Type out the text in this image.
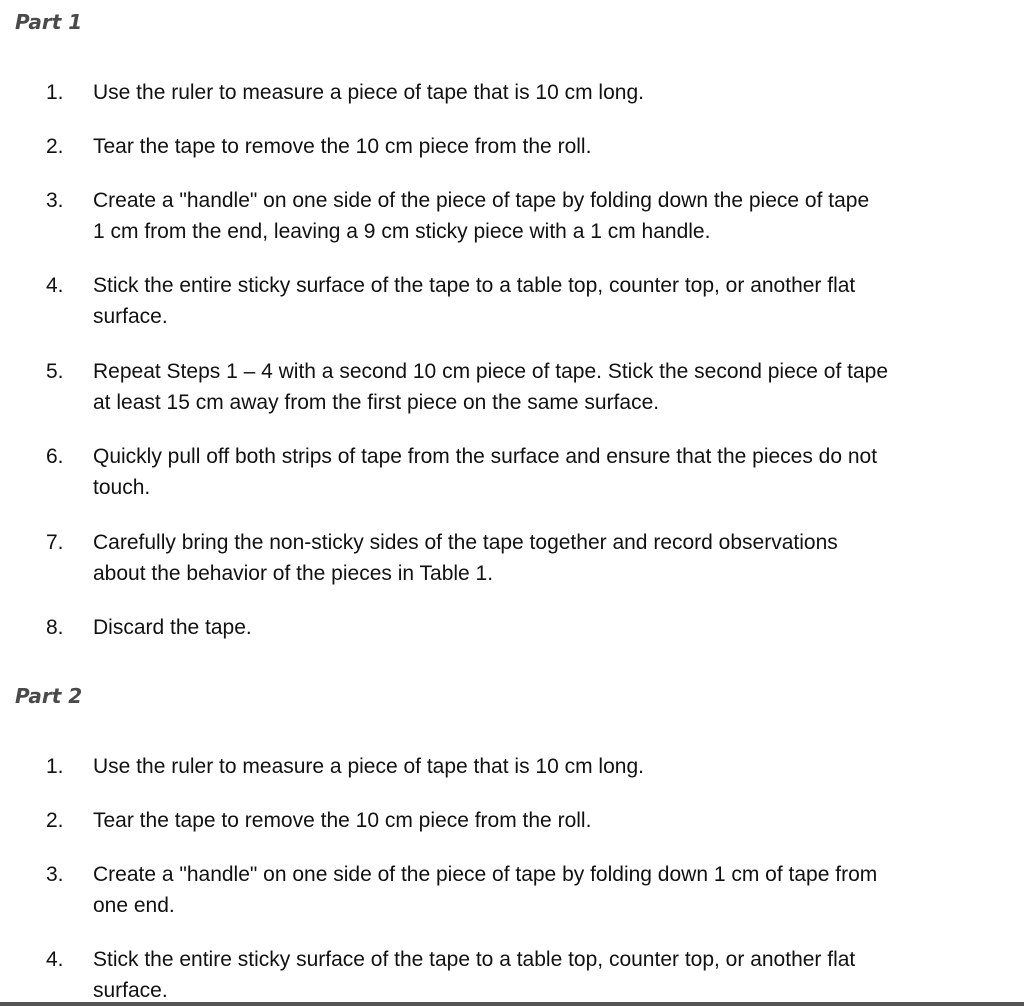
Part 1
1. Use the ruler to measure a piece of tape that is 10 cm long.
2. Tear the tape to remove the 10 cm piece from the roll.
3. Create a "handle" on one side of the piece of tape by folding down the piece of tape
1 cm from the end, leaving a 9 cm sticky piece with a 1 cm handle.
4. Stick the entire sticky surface of the tape to a table top, counter top, or another flat
surface.
5. Repeat Steps 1 – 4 with a second 10 cm piece of tape. Stick the second piece of tape
at least 15 cm away from the first piece on the same surface.
6. Quickly pull off both strips of tape from the surface and ensure that the pieces do not
touch.
7. Carefully bring the non-sticky sides of the tape together and record observations
about the behavior of the pieces in Table 1.
8. Discard the tape.
Part 2
1. Use the ruler to measure a piece of tape that is 10 cm long.
2. Tear the tape to remove the 10 cm piece from the roll.
3. Create a "handle" on one side of the piece of tape by folding down 1 cm of tape from
one end.
4. Stick the entire sticky surface of the tape to a table top, counter top, or another flat
surface.
